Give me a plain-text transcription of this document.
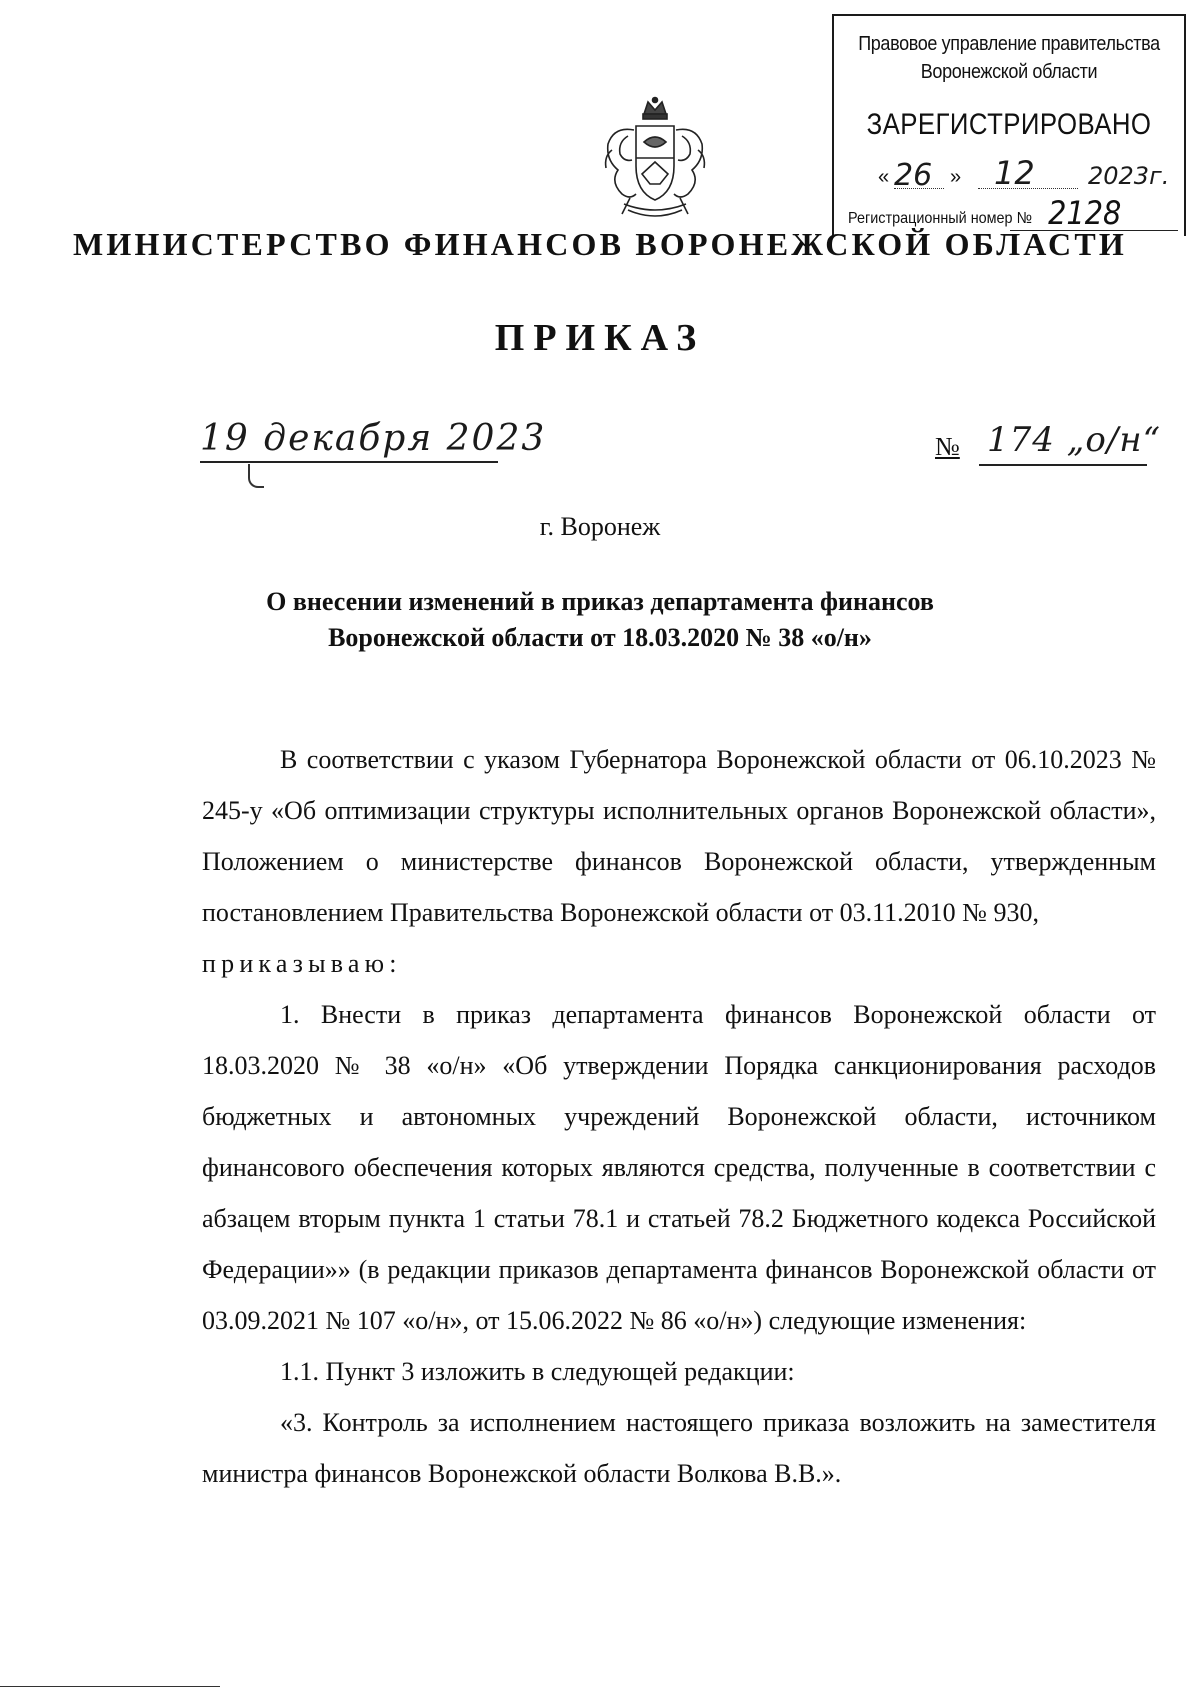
Правовое управление правительства
Воронежской области
ЗАРЕГИСТРИРОВАНО
« 26 » 12 2023г.
Регистрационный номер № 2128
МИНИСТЕРСТВО ФИНАНСОВ ВОРОНЕЖСКОЙ ОБЛАСТИ
ПРИКАЗ
19 декабря 2023	№ 174 „о/н“
г. Воронеж
О внесении изменений в приказ департамента финансов
Воронежской области от 18.03.2020 № 38 «о/н»

В соответствии с указом Губернатора Воронежской области от 06.10.2023 № 245-у «Об оптимизации структуры исполнительных органов Воронежской области», Положением о министерстве финансов Воронежской области, утвержденным постановлением Правительства Воронежской области от 03.11.2010 № 930,

приказываю:

1. Внести в приказ департамента финансов Воронежской области от 18.03.2020 № 38 «о/н» «Об утверждении Порядка санкционирования расходов бюджетных и автономных учреждений Воронежской области, источником финансового обеспечения которых являются средства, полученные в соответствии с абзацем вторым пункта 1 статьи 78.1 и статьей 78.2 Бюджетного кодекса Российской Федерации»» (в редакции приказов департамента финансов Воронежской области от 03.09.2021 № 107 «о/н», от 15.06.2022 № 86 «о/н») следующие изменения:

1.1. Пункт 3 изложить в следующей редакции:

«3. Контроль за исполнением настоящего приказа возложить на заместителя министра финансов Воронежской области Волкова В.В.».
